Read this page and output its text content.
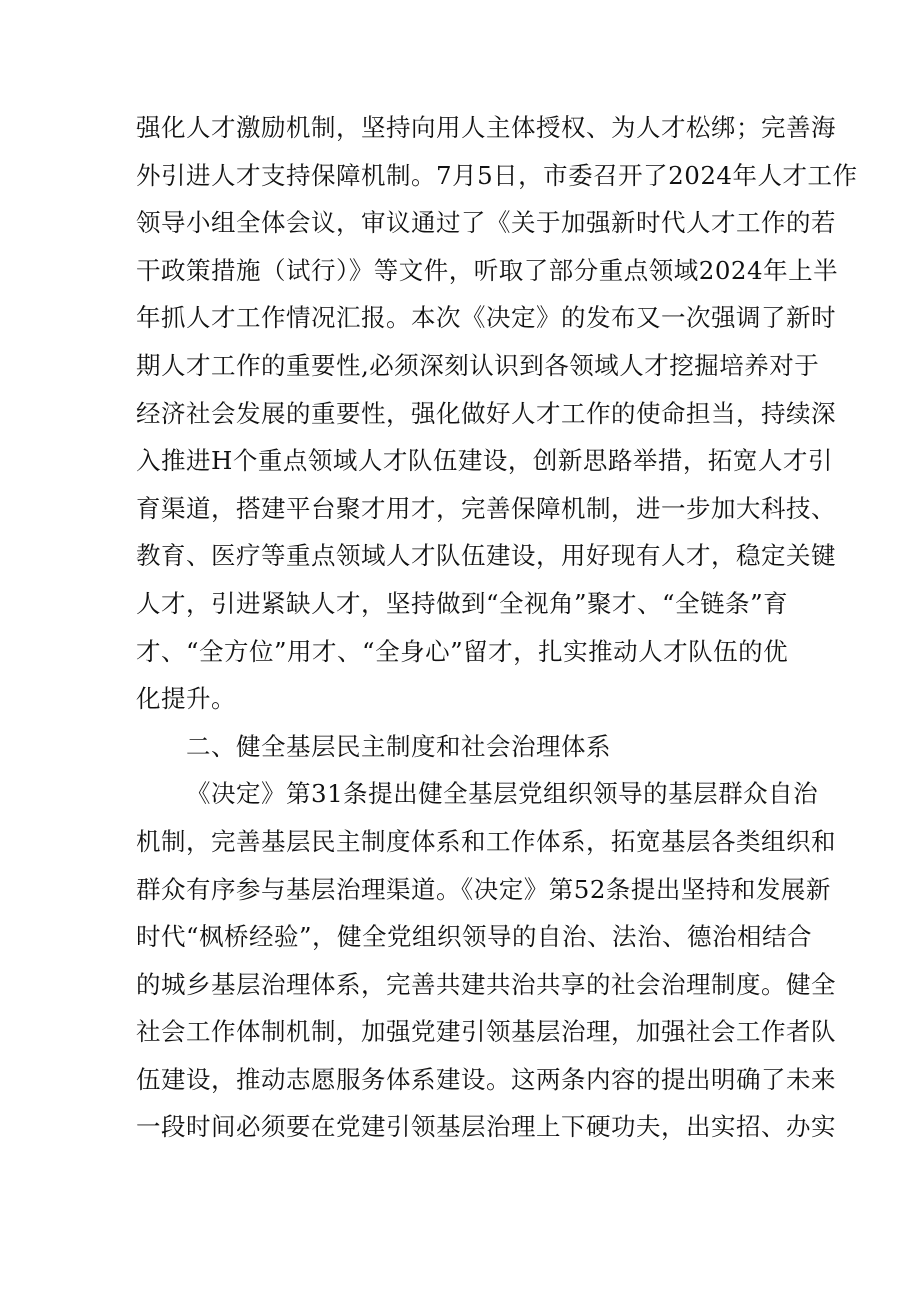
强化人才激励机制，坚持向用人主体授权、为人才松绑；完善海
外引进人才支持保障机制。7月5日，市委召开了2024年人才工作
领导小组全体会议，审议通过了《关于加强新时代人才工作的若
干政策措施（试行）》等文件，听取了部分重点领域2024年上半
年抓人才工作情况汇报。本次《决定》的发布又一次强调了新时
期人才工作的重要性,必须深刻认识到各领域人才挖掘培养对于
经济社会发展的重要性，强化做好人才工作的使命担当，持续深
入推进H个重点领域人才队伍建设，创新思路举措，拓宽人才引
育渠道，搭建平台聚才用才，完善保障机制，进一步加大科技、
教育、医疗等重点领域人才队伍建设，用好现有人才，稳定关键
人才，引进紧缺人才，坚持做到“全视角”聚才、“全链条”育
才、“全方位”用才、“全身心”留才，扎实推动人才队伍的优
化提升。
二、健全基层民主制度和社会治理体系
《决定》第31条提出健全基层党组织领导的基层群众自治
机制，完善基层民主制度体系和工作体系，拓宽基层各类组织和
群众有序参与基层治理渠道。《决定》第52条提出坚持和发展新
时代“枫桥经验”，健全党组织领导的自治、法治、德治相结合
的城乡基层治理体系，完善共建共治共享的社会治理制度。健全
社会工作体制机制，加强党建引领基层治理，加强社会工作者队
伍建设，推动志愿服务体系建设。这两条内容的提出明确了未来
一段时间必须要在党建引领基层治理上下硬功夫，出实招、办实
